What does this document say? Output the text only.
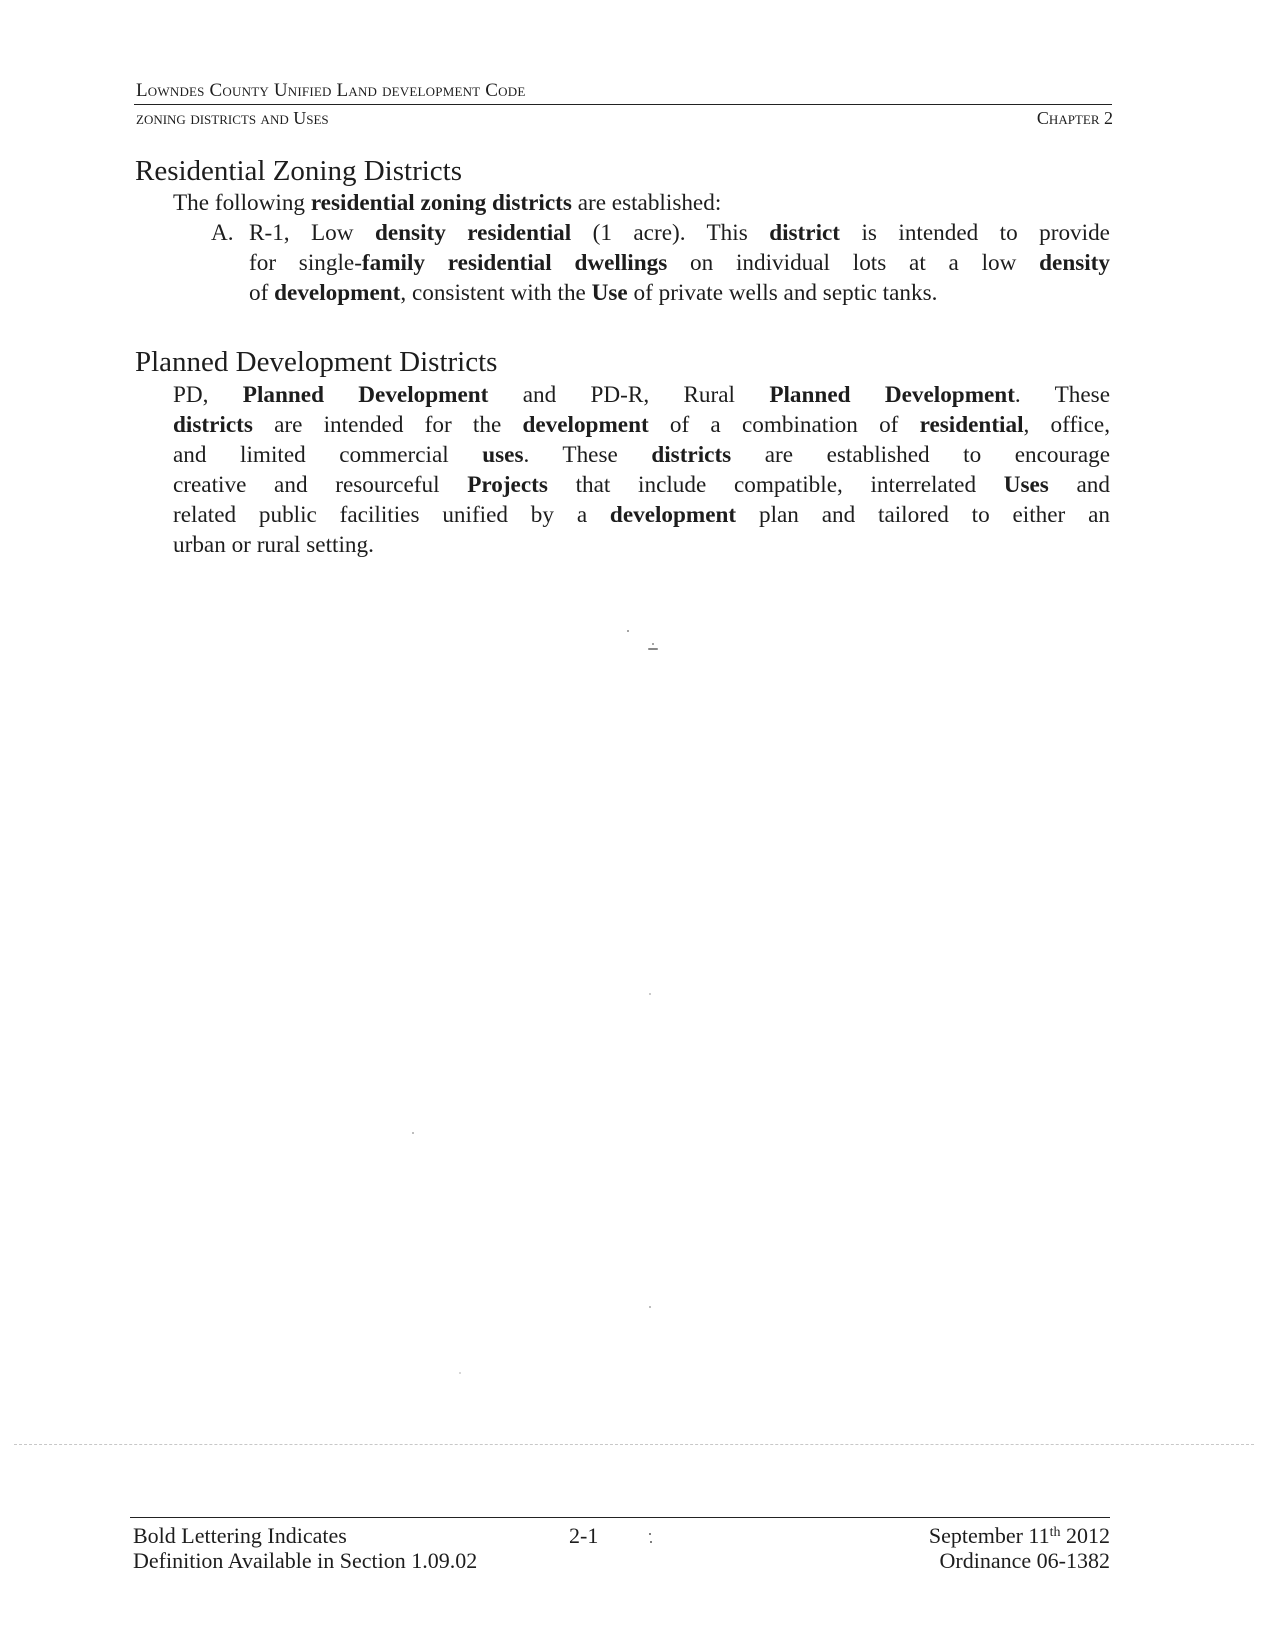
Lowndes County Unified Land development Code
zoning districts and Uses	Chapter 2
Residential Zoning Districts
The following residential zoning districts are established:
A. R-1, Low density residential (1 acre). This district is intended to provide
for single-family residential dwellings on individual lots at a low density
of development, consistent with the Use of private wells and septic tanks.
Planned Development Districts
PD, Planned Development and PD-R, Rural Planned Development. These
districts are intended for the development of a combination of residential, office,
and limited commercial uses. These districts are established to encourage
creative and resourceful Projects that include compatible, interrelated Uses and
related public facilities unified by a development plan and tailored to either an
urban or rural setting.
Bold Lettering Indicates
Definition Available in Section 1.09.02
2-1	September 11th 2012
Ordinance 06-1382
